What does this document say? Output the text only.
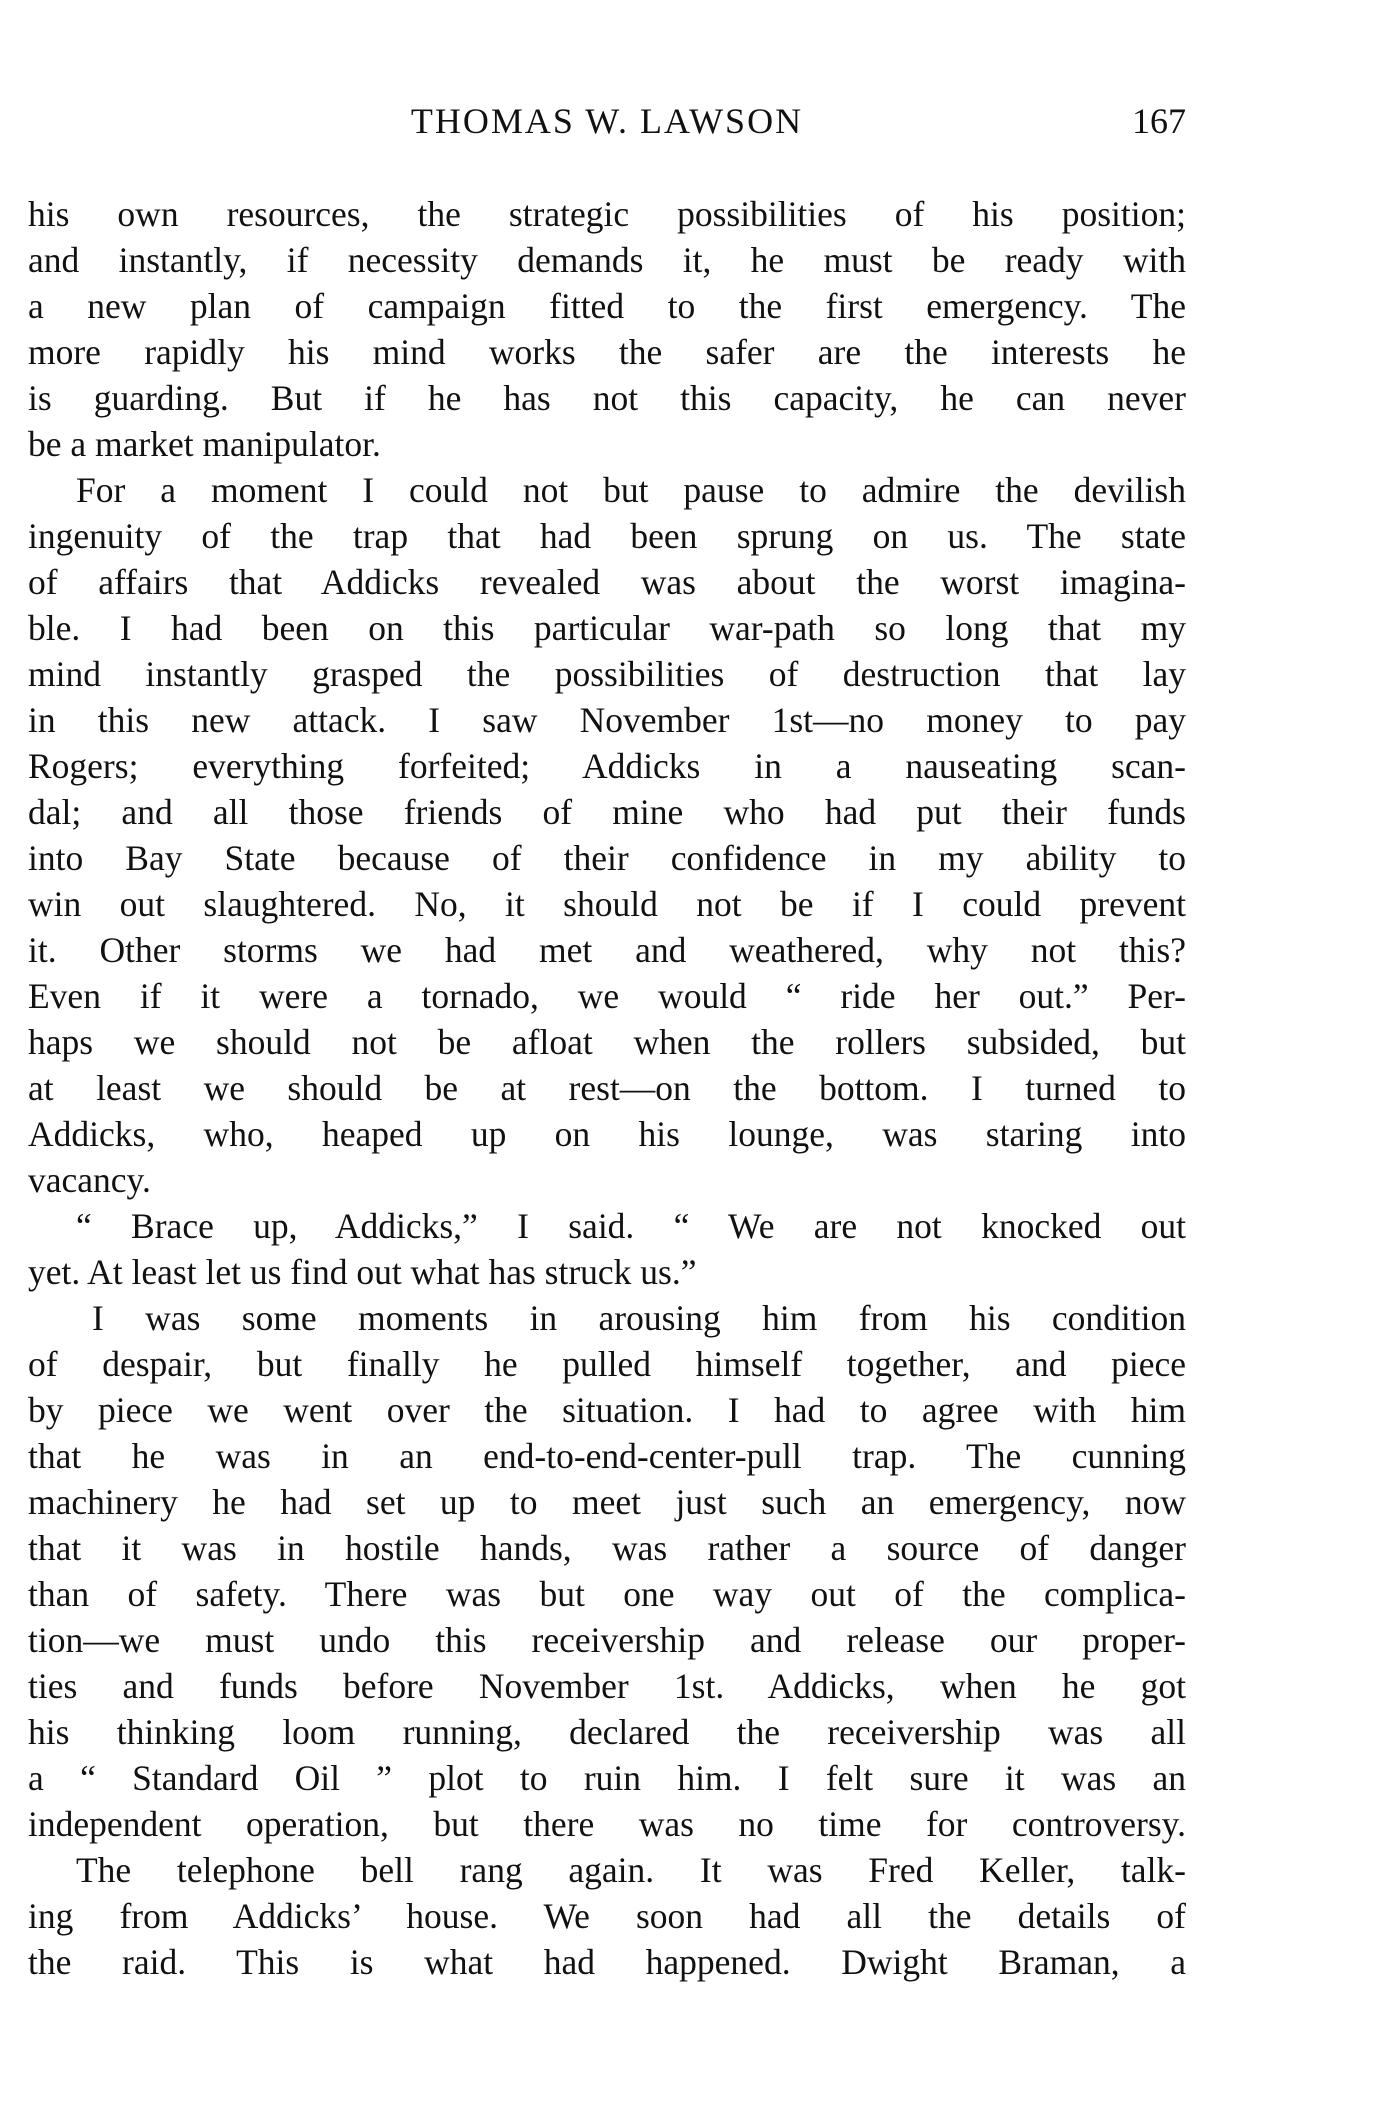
THOMAS W. LAWSON	167
his own resources, the strategic possibilities of his position;
and instantly, if necessity demands it, he must be ready with
a new plan of campaign fitted to the first emergency. The
more rapidly his mind works the safer are the interests he
is guarding. But if he has not this capacity, he can never
be a market manipulator.
For a moment I could not but pause to admire the devilish
ingenuity of the trap that had been sprung on us. The state
of affairs that Addicks revealed was about the worst imagina-
ble. I had been on this particular war-path so long that my
mind instantly grasped the possibilities of destruction that lay
in this new attack. I saw November 1st—no money to pay
Rogers; everything forfeited; Addicks in a nauseating scan-
dal; and all those friends of mine who had put their funds
into Bay State because of their confidence in my ability to
win out slaughtered. No, it should not be if I could prevent
it. Other storms we had met and weathered, why not this?
Even if it were a tornado, we would “ ride her out.” Per-
haps we should not be afloat when the rollers subsided, but
at least we should be at rest—on the bottom. I turned to
Addicks, who, heaped up on his lounge, was staring into
vacancy.
“ Brace up, Addicks,” I said. “ We are not knocked out
yet. At least let us find out what has struck us.”
I was some moments in arousing him from his condition
of despair, but finally he pulled himself together, and piece
by piece we went over the situation. I had to agree with him
that he was in an end-to-end-center-pull trap. The cunning
machinery he had set up to meet just such an emergency, now
that it was in hostile hands, was rather a source of danger
than of safety. There was but one way out of the complica-
tion—we must undo this receivership and release our proper-
ties and funds before November 1st. Addicks, when he got
his thinking loom running, declared the receivership was all
a “ Standard Oil ” plot to ruin him. I felt sure it was an
independent operation, but there was no time for controversy.
The telephone bell rang again. It was Fred Keller, talk-
ing from Addicks’ house. We soon had all the details of
the raid. This is what had happened. Dwight Braman, a
